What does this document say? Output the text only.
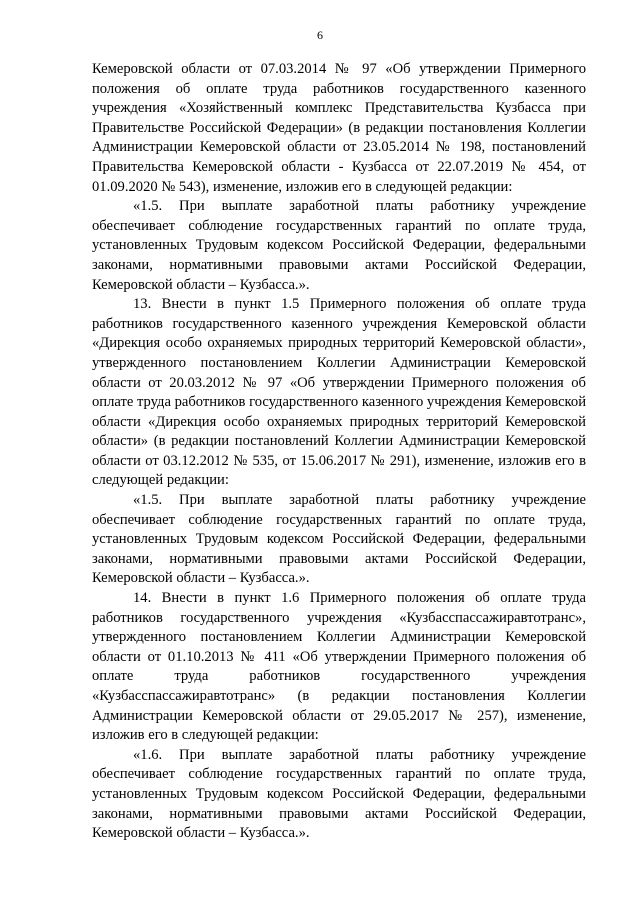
6

Кемеровской области от 07.03.2014 № 97 «Об утверждении Примерного положения об оплате труда работников государственного казенного учреждения «Хозяйственный комплекс Представительства Кузбасса при Правительстве Российской Федерации» (в редакции постановления Коллегии Администрации Кемеровской области от 23.05.2014 № 198, постановлений Правительства Кемеровской области - Кузбасса от 22.07.2019 № 454, от 01.09.2020 № 543), изменение, изложив его в следующей редакции:

«1.5. При выплате заработной платы работнику учреждение обеспечивает соблюдение государственных гарантий по оплате труда, установленных Трудовым кодексом Российской Федерации, федеральными законами, нормативными правовыми актами Российской Федерации, Кемеровской области – Кузбасса.».

13. Внести в пункт 1.5 Примерного положения об оплате труда работников государственного казенного учреждения Кемеровской области «Дирекция особо охраняемых природных территорий Кемеровской области», утвержденного постановлением Коллегии Администрации Кемеровской области от 20.03.2012 № 97 «Об утверждении Примерного положения об оплате труда работников государственного казенного учреждения Кемеровской области «Дирекция особо охраняемых природных территорий Кемеровской области» (в редакции постановлений Коллегии Администрации Кемеровской области от 03.12.2012 № 535, от 15.06.2017 № 291), изменение, изложив его в следующей редакции:

«1.5. При выплате заработной платы работнику учреждение обеспечивает соблюдение государственных гарантий по оплате труда, установленных Трудовым кодексом Российской Федерации, федеральными законами, нормативными правовыми актами Российской Федерации, Кемеровской области – Кузбасса.».

14. Внести в пункт 1.6 Примерного положения об оплате труда работников государственного учреждения «Кузбасспассажиравтотранс», утвержденного постановлением Коллегии Администрации Кемеровской области от 01.10.2013 № 411 «Об утверждении Примерного положения об оплате труда работников государственного учреждения «Кузбасспассажиравтотранс» (в редакции постановления Коллегии Администрации Кемеровской области от 29.05.2017 № 257), изменение, изложив его в следующей редакции:

«1.6. При выплате заработной платы работнику учреждение обеспечивает соблюдение государственных гарантий по оплате труда, установленных Трудовым кодексом Российской Федерации, федеральными законами, нормативными правовыми актами Российской Федерации, Кемеровской области – Кузбасса.».
